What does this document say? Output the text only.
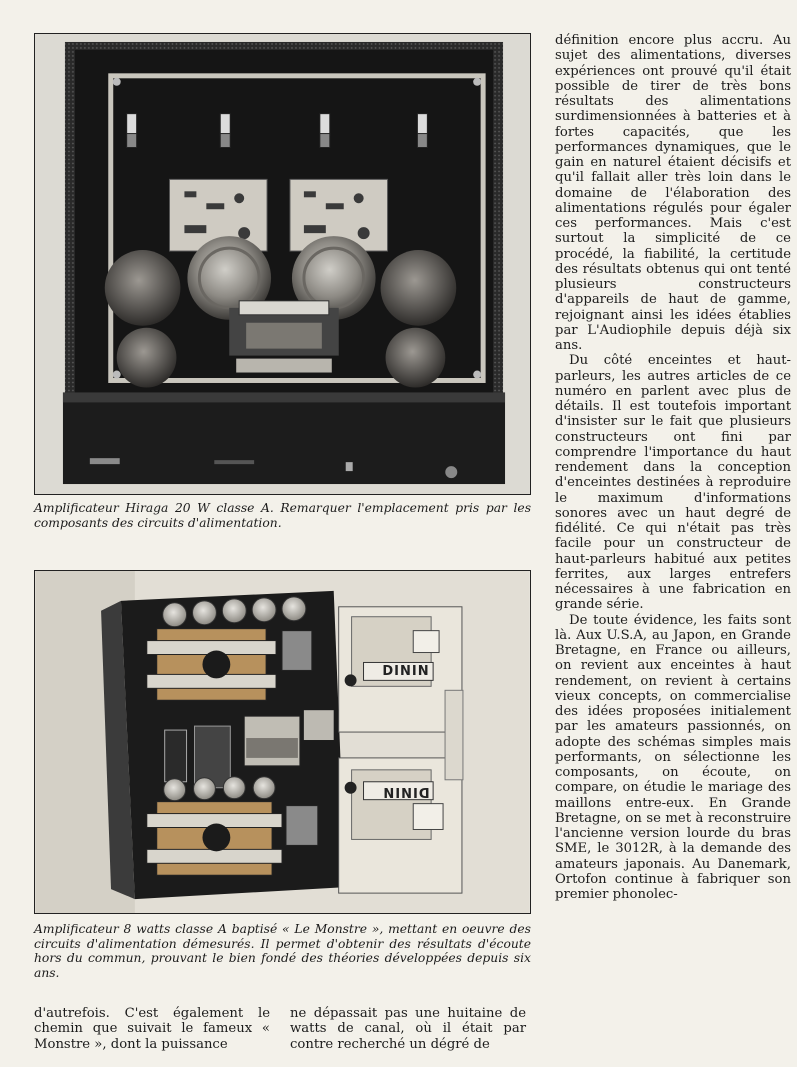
Amplificateur Hiraga 20 W classe A. Remarquer l'emplacement pris par les composants des circuits d'alimentation.

DININ
DININ

Amplificateur 8 watts classe A baptisé « Le Monstre », mettant en oeuvre des circuits d'alimentation démesurés. Il permet d'obtenir des résultats d'écoute hors du commun, prouvant le bien fondé des théories développées depuis six ans.

d'autrefois. C'est également le chemin que suivait le fameux « Monstre », dont la puissance
ne dépassait pas une huitaine de watts de canal, où il était par contre recherché un dégré de

définition encore plus accru. Au sujet des alimentations, diverses expériences ont prouvé qu'il était possible de tirer de très bons résultats des alimentations surdimensionnées à batteries et à fortes capacités, que les performances dynamiques, que le gain en naturel étaient décisifs et qu'il fallait aller très loin dans le domaine de l'élaboration des alimentations régulés pour égaler ces performances. Mais c'est surtout la simplicité de ce procédé, la fiabilité, la certitude des résultats obtenus qui ont tenté plusieurs constructeurs d'appareils de haut de gamme, rejoignant ainsi les idées établies par L'Audiophile depuis déjà six ans.

Du côté enceintes et haut-parleurs, les autres articles de ce numéro en parlent avec plus de détails. Il est toutefois important d'insister sur le fait que plusieurs constructeurs ont fini par comprendre l'importance du haut rendement dans la conception d'enceintes destinées à reproduire le maximum d'informations sonores avec un haut degré de fidélité. Ce qui n'était pas très facile pour un constructeur de haut-parleurs habitué aux petites ferrites, aux larges entrefers nécessaires à une fabrication en grande série.

De toute évidence, les faits sont là. Aux U.S.A, au Japon, en Grande Bretagne, en France ou ailleurs, on revient aux enceintes à haut rendement, on revient à certains vieux concepts, on commercialise des idées proposées initialement par les amateurs passionnés, on adopte des schémas simples mais performants, on sélectionne les composants, on écoute, on compare, on étudie le mariage des maillons entre-eux. En Grande Bretagne, on se met à reconstruire l'ancienne version lourde du bras SME, le 3012R, à la demande des amateurs japonais. Au Danemark, Ortofon continue à fabriquer son premier phonolec-
